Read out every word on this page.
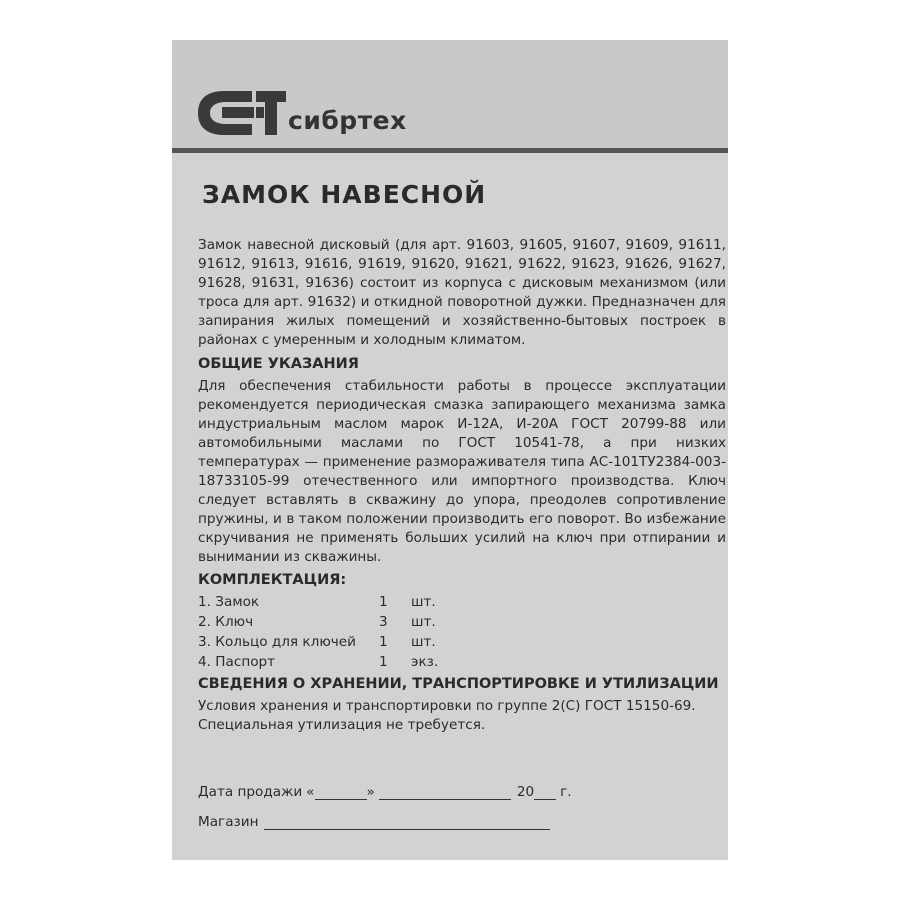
сибртех
ЗАМОК НАВЕСНОЙ
Замок навесной дисковый (для арт. 91603, 91605, 91607, 91609, 91611, 91612, 91613, 91616, 91619, 91620, 91621, 91622, 91623, 91626, 91627, 91628, 91631, 91636) состоит из корпуса с дисковым механизмом (или троса для арт. 91632) и откидной поворотной дужки. Предназначен для запирания жилых помещений и хозяйственно-бытовых построек в районах с умеренным и холодным климатом.
ОБЩИЕ УКАЗАНИЯ
Для обеспечения стабильности работы в процессе эксплуатации рекомендуется периодическая смазка запирающего механизма замка индустриальным маслом марок И-12А, И-20А ГОСТ 20799-88 или автомобильными маслами по ГОСТ 10541-78, а при низких температурах — применение размораживателя типа АС-101ТУ2384-003-18733105-99 отечественного или импортного производства. Ключ следует вставлять в скважину до упора, преодолев сопротивление пружины, и в таком положении производить его поворот. Во избежание скручивания не применять больших усилий на ключ при отпирании и вынимании из скважины.
КОМПЛЕКТАЦИЯ:
1. Замок	1	шт.
2. Ключ	3	шт.
3. Кольцо для ключей	1	шт.
4. Паспорт	1	экз.
СВЕДЕНИЯ О ХРАНЕНИИ, ТРАНСПОРТИРОВКЕ И УТИЛИЗАЦИИ
Условия хранения и транспортировки по группе 2(С) ГОСТ 15150-69. Специальная утилизация не требуется.
Дата продажи «	»	20 г.
Магазин
